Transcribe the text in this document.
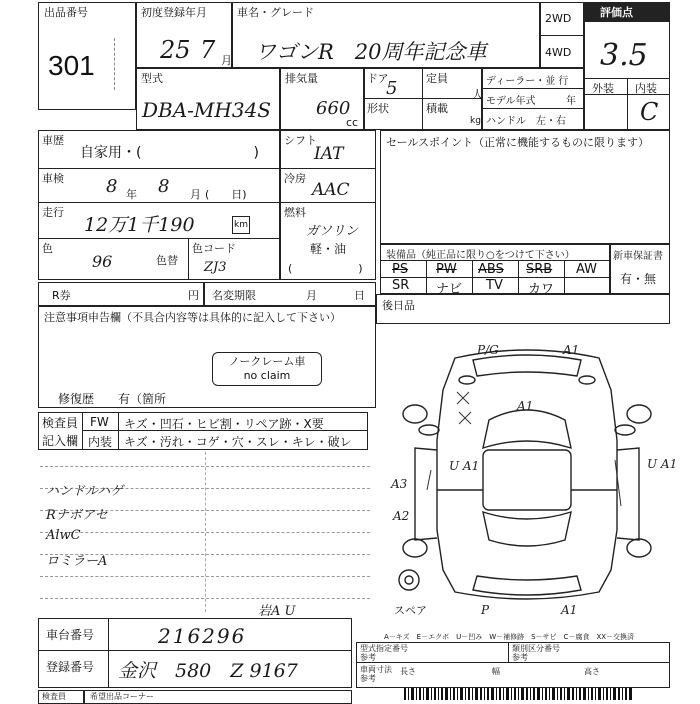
出品番号
301
初度登録年月
25 7 月
車名・グレード
ワゴンR　20周年記念車
2WD
4WD
評価点
3.5
外装 内装
C
型式
DBA-MH34S
排気量
660
cc
ドア
5	定員
人
形状	積載
kg
ディーラー・並 行
モデル年式	年
ハンドル　左・右
車歴
自家用・(　　　　　　　　)
車検 8 年 8 月 (　　日)
走行
12万1千190	km
色
96	色替
色コード
ZJ3
シフト
IAT
冷房
AAC
燃料
ガソリン
軽・油
(　　　　　　)
セールスポイント（正常に機能するものに限ります）
装備品（純正品に限り○をつけて下さい）
PS PW ABS SRB AW
SR ナビ TV カワ
新車保証書
有・無
R券	円 名変期限	月	日
後日品
注意事項申告欄（不具合内容等は具体的に記入して下さい）
ノークレーム車
no claim
修復歴　　有（箇所
検査員
記入欄
FW キズ・凹石・ヒビ割・リペア跡・X要
内装 キズ・汚れ・コゲ・穴・スレ・キレ・破レ
ハンドルハゲ
Rナボアセ
AlwC
ロミラーA
P/G	A1
A1
U A1	U A1
A3
A2
P	A1
スペア
岩A U
車台番号	216296
登録番号 金沢　580　Z 9167
A－キズ　E－エクボ　U－凹み　W－補修跡　S－サビ　C－腐食　XX－交換済
型式指定番号
参考
類別区分番号
参考
車両寸法
参考
長さ	幅	高さ
検査員	希望出品コーナー
